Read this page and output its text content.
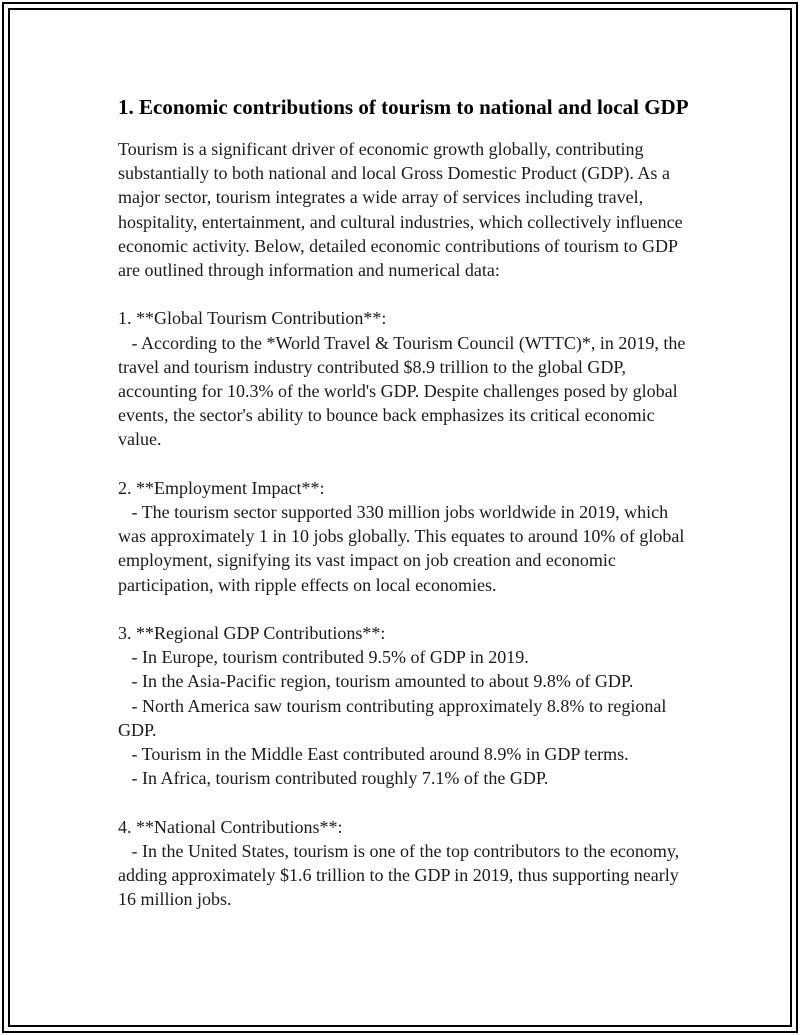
1. Economic contributions of tourism to national and local GDP

Tourism is a significant driver of economic growth globally, contributing substantially to both national and local Gross Domestic Product (GDP). As a major sector, tourism integrates a wide array of services including travel, hospitality, entertainment, and cultural industries, which collectively influence economic activity. Below, detailed economic contributions of tourism to GDP are outlined through information and numerical data:

1. **Global Tourism Contribution**:

- According to the *World Travel & Tourism Council (WTTC)*, in 2019, the travel and tourism industry contributed $8.9 trillion to the global GDP, accounting for 10.3% of the world's GDP. Despite challenges posed by global events, the sector's ability to bounce back emphasizes its critical economic value.

2. **Employment Impact**:

- The tourism sector supported 330 million jobs worldwide in 2019, which was approximately 1 in 10 jobs globally. This equates to around 10% of global employment, signifying its vast impact on job creation and economic participation, with ripple effects on local economies.

3. **Regional GDP Contributions**:

- In Europe, tourism contributed 9.5% of GDP in 2019.

- In the Asia-Pacific region, tourism amounted to about 9.8% of GDP.

- North America saw tourism contributing approximately 8.8% to regional GDP.

- Tourism in the Middle East contributed around 8.9% in GDP terms.

- In Africa, tourism contributed roughly 7.1% of the GDP.

4. **National Contributions**:

- In the United States, tourism is one of the top contributors to the economy, adding approximately $1.6 trillion to the GDP in 2019, thus supporting nearly 16 million jobs.
